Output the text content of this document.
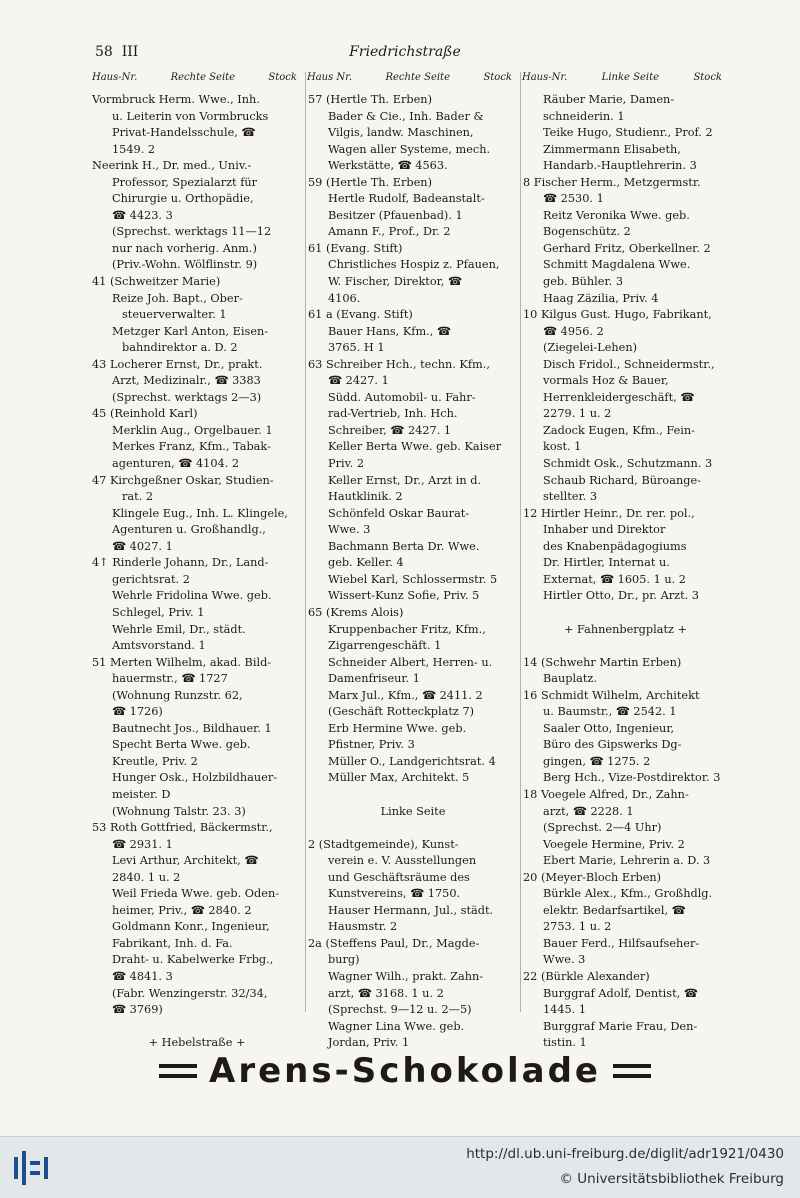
58 III	Friedrichstraße
Haus-Nr.	Rechte Seite	Stock Haus Nr.	Rechte Seite	Stock Haus-Nr.	Linke Seite	Stock
Vormbruck Herm. Wwe., Inh.
u. Leiterin von Vormbrucks
Privat-Handelsschule, ☎
1549. 2
Neerink H., Dr. med., Univ.-
Professor, Spezialarzt für
Chirurgie u. Orthopädie,
☎ 4423. 3
(Sprechst. werktags 11—12
nur nach vorherig. Anm.)
(Priv.-Wohn. Wölflinstr. 9)
41 (Schweitzer Marie)
Reize Joh. Bapt., Ober-
steuerverwalter. 1
Metzger Karl Anton, Eisen-
bahndirektor a. D. 2
43 Locherer Ernst, Dr., prakt.
Arzt, Medizinalr., ☎ 3383
(Sprechst. werktags 2—3)
45 (Reinhold Karl)
Merklin Aug., Orgelbauer. 1
Merkes Franz, Kfm., Tabak-
agenturen, ☎ 4104. 2
47 Kirchgeßner Oskar, Studien-
rat. 2
Klingele Eug., Inh. L. Klingele,
Agenturen u. Großhandlg.,
☎ 4027. 1
4↑ Rinderle Johann, Dr., Land-
gerichtsrat. 2
Wehrle Fridolina Wwe. geb.
Schlegel, Priv. 1
Wehrle Emil, Dr., städt.
Amtsvorstand. 1
51 Merten Wilhelm, akad. Bild-
hauermstr., ☎ 1727
(Wohnung Runzstr. 62,
☎ 1726)
Bautnecht Jos., Bildhauer. 1
Specht Berta Wwe. geb.
Kreutle, Priv. 2
Hunger Osk., Holzbildhauer-
meister. D
(Wohnung Talstr. 23. 3)
53 Roth Gottfried, Bäckermstr.,
☎ 2931. 1
Levi Arthur, Architekt, ☎
2840. 1 u. 2
Weil Frieda Wwe. geb. Oden-
heimer, Priv., ☎ 2840. 2
Goldmann Konr., Ingenieur,
Fabrikant, Inh. d. Fa.
Draht- u. Kabelwerke Frbg.,
☎ 4841. 3
(Fabr. Wenzingerstr. 32/34,
☎ 3769)
+ Hebelstraße +
57 (Hertle Th. Erben)
Bader & Cie., Inh. Bader &
Vilgis, landw. Maschinen,
Wagen aller Systeme, mech.
Werkstätte, ☎ 4563.
59 (Hertle Th. Erben)
Hertle Rudolf, Badeanstalt-
Besitzer (Pfauenbad). 1
Amann F., Prof., Dr. 2
61 (Evang. Stift)
Christliches Hospiz z. Pfauen,
W. Fischer, Direktor, ☎
4106.
61 a (Evang. Stift)
Bauer Hans, Kfm., ☎
3765. H 1
63 Schreiber Hch., techn. Kfm.,
☎ 2427. 1
Südd. Automobil- u. Fahr-
rad-Vertrieb, Inh. Hch.
Schreiber, ☎ 2427. 1
Keller Berta Wwe. geb. Kaiser
Priv. 2
Keller Ernst, Dr., Arzt in d.
Hautklinik. 2
Schönfeld Oskar Baurat-
Wwe. 3
Bachmann Berta Dr. Wwe.
geb. Keller. 4
Wiebel Karl, Schlossermstr. 5
Wissert-Kunz Sofie, Priv. 5
65 (Krems Alois)
Kruppenbacher Fritz, Kfm.,
Zigarrengeschäft. 1
Schneider Albert, Herren- u.
Damenfriseur. 1
Marx Jul., Kfm., ☎ 2411. 2
(Geschäft Rotteckplatz 7)
Erb Hermine Wwe. geb.
Pfistner, Priv. 3
Müller O., Landgerichtsrat. 4
Müller Max, Architekt. 5
Linke Seite
2 (Stadtgemeinde), Kunst-
verein e. V. Ausstellungen
und Geschäftsräume des
Kunstvereins, ☎ 1750.
Hauser Hermann, Jul., städt.
Hausmstr. 2
2a (Steffens Paul, Dr., Magde-
burg)
Wagner Wilh., prakt. Zahn-
arzt, ☎ 3168. 1 u. 2
(Sprechst. 9—12 u. 2—5)
Wagner Lina Wwe. geb.
Jordan, Priv. 1
Räuber Marie, Damen-
schneiderin. 1
Teike Hugo, Studienr., Prof. 2
Zimmermann Elisabeth,
Handarb.-Hauptlehrerin. 3
8 Fischer Herm., Metzgermstr.
☎ 2530. 1
Reitz Veronika Wwe. geb.
Bogenschütz. 2
Gerhard Fritz, Oberkellner. 2
Schmitt Magdalena Wwe.
geb. Bühler. 3
Haag Zäzilia, Priv. 4
10 Kilgus Gust. Hugo, Fabrikant,
☎ 4956. 2
(Ziegelei-Lehen)
Disch Fridol., Schneidermstr.,
vormals Hoz & Bauer,
Herrenkleidergeschäft, ☎
2279. 1 u. 2
Zadock Eugen, Kfm., Fein-
kost. 1
Schmidt Osk., Schutzmann. 3
Schaub Richard, Büroange-
stellter. 3
12 Hirtler Heinr., Dr. rer. pol.,
Inhaber und Direktor
des Knabenpädagogiums
Dr. Hirtler, Internat u.
Externat, ☎ 1605. 1 u. 2
Hirtler Otto, Dr., pr. Arzt. 3
+ Fahnenbergplatz +
14 (Schwehr Martin Erben)
Bauplatz.
16 Schmidt Wilhelm, Architekt
u. Baumstr., ☎ 2542. 1
Saaler Otto, Ingenieur,
Büro des Gipswerks Dg-
gingen, ☎ 1275. 2
Berg Hch., Vize-Postdirektor. 3
18 Voegele Alfred, Dr., Zahn-
arzt, ☎ 2228. 1
(Sprechst. 2—4 Uhr)
Voegele Hermine, Priv. 2
Ebert Marie, Lehrerin a. D. 3
20 (Meyer-Bloch Erben)
Bürkle Alex., Kfm., Großhdlg.
elektr. Bedarfsartikel, ☎
2753. 1 u. 2
Bauer Ferd., Hilfsaufseher-
Wwe. 3
22 (Bürkle Alexander)
Burggraf Adolf, Dentist, ☎
1445. 1
Burggraf Marie Frau, Den-
tistin. 1
Arens-Schokolade
http://dl.ub.uni-freiburg.de/diglit/adr1921/0430
© Universitätsbibliothek Freiburg
